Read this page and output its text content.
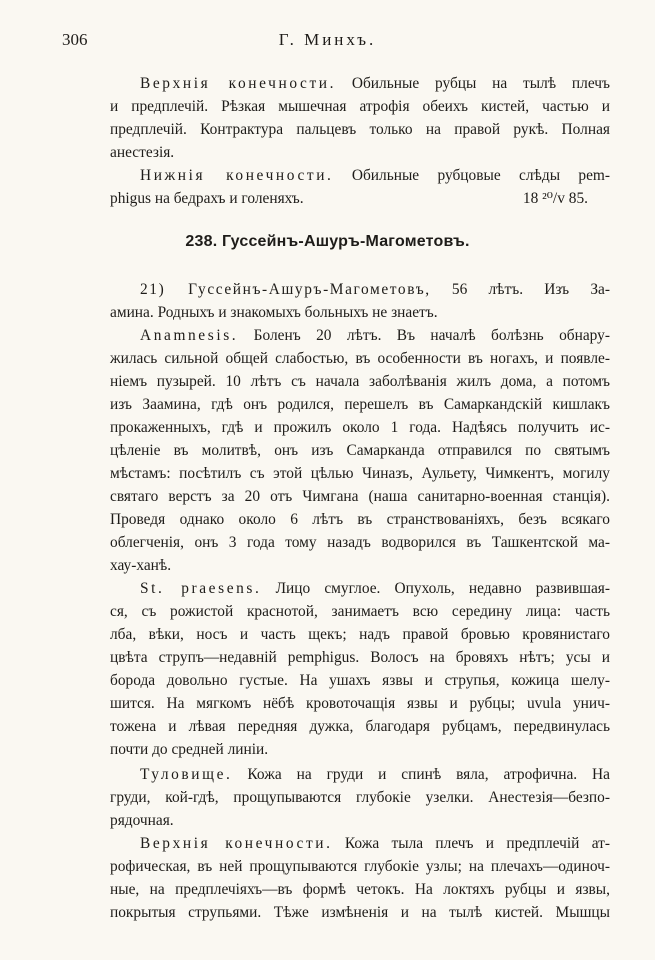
306	Г. Минхъ.
Верхнія конечности. Обильные рубцы на тылѣ плечъ
и предплечій. Рѣзкая мышечная атрофія обеихъ кистей, частью и
предплечій. Контрактура пальцевъ только на правой рукѣ. Полная
анестезія.
Нижнія конечности. Обильные рубцовые слѣды pem-
phigus на бедрахъ и голеняхъ.	18 ²⁰/v 85.
238. Гуссейнъ-Ашуръ-Магометовъ.
21) Гуссейнъ-Ашуръ-Магометовъ, 56 лѣтъ. Изъ За-
амина. Родныхъ и знакомыхъ больныхъ не знаетъ.
Anamnesis. Боленъ 20 лѣтъ. Въ началѣ болѣзнь обнару-
жилась сильной общей слабостью, въ особенности въ ногахъ, и появле-
ніемъ пузырей. 10 лѣтъ съ начала заболѣванія жилъ дома, а потомъ
изъ Заамина, гдѣ онъ родился, перешелъ въ Самаркандскій кишлакъ
прокаженныхъ, гдѣ и прожилъ около 1 года. Надѣясь получить ис-
цѣленіе въ молитвѣ, онъ изъ Самарканда отправился по святымъ
мѣстамъ: посѣтилъ съ этой цѣлью Чиназъ, Аульету, Чимкентъ, могилу
святаго верстъ за 20 отъ Чимгана (наша санитарно-военная станція).
Проведя однако около 6 лѣтъ въ странствованіяхъ, безъ всякаго
облегченія, онъ 3 года тому назадъ водворился въ Ташкентской ма-
хау-ханѣ.
St. praesens. Лицо смуглое. Опухоль, недавно развившая-
ся, съ рожистой краснотой, занимаетъ всю середину лица: часть
лба, вѣки, носъ и часть щекъ; надъ правой бровью кровянистаго
цвѣта струпъ—недавній pemphigus. Волосъ на бровяхъ нѣтъ; усы и
борода довольно густые. На ушахъ язвы и струпья, кожица шелу-
шится. На мягкомъ нёбѣ кровоточащія язвы и рубцы; uvula унич-
тожена и лѣвая передняя дужка, благодаря рубцамъ, передвинулась
почти до средней линіи.
Туловище. Кожа на груди и спинѣ вяла, атрофична. На
груди, кой-гдѣ, прощупываются глубокіе узелки. Анестезія—безпо-
рядочная.
Верхнія конечности. Кожа тыла плечъ и предплечій ат-
рофическая, въ ней прощупываются глубокіе узлы; на плечахъ—одиноч-
ные, на предплечіяхъ—въ формѣ четокъ. На локтяхъ рубцы и язвы,
покрытыя струпьями. Тѣже измѣненія и на тылѣ кистей. Мышцы
